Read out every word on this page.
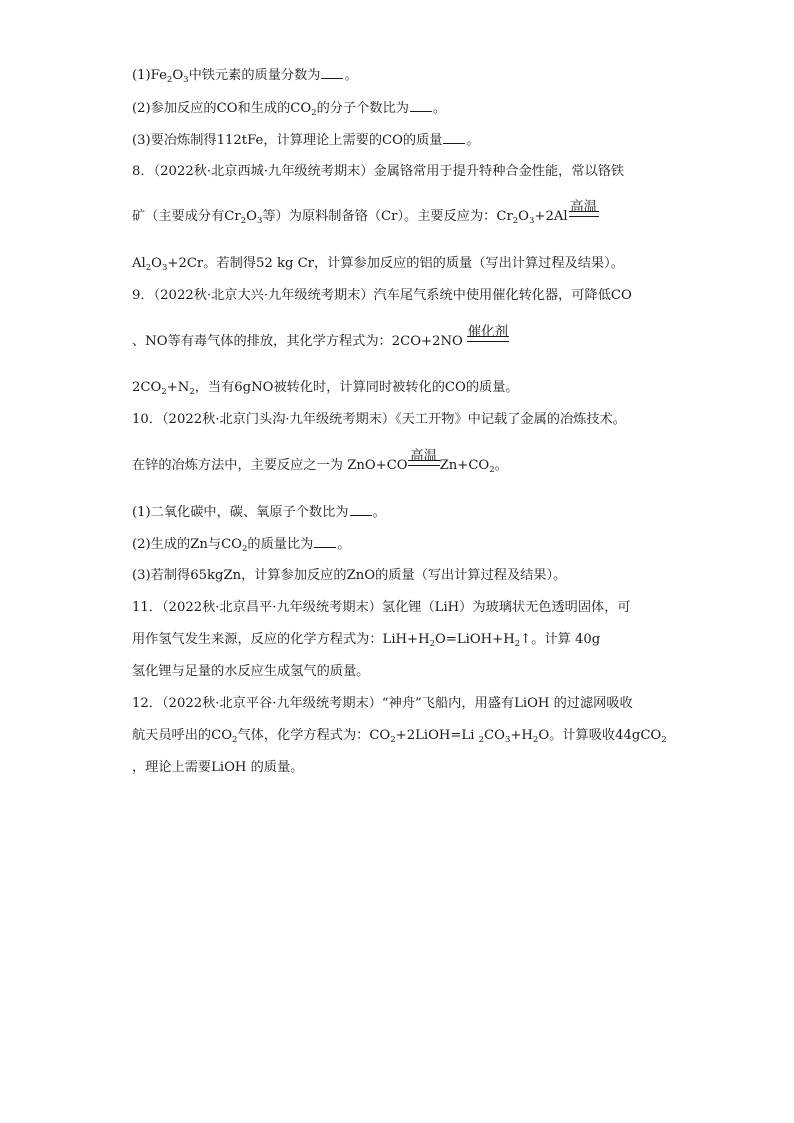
$(1)Fe_2O_3$中铁元素的质量分数为 。
(2)参加反应的CO和生成的$CO_2$的分子个数比为 。
(3)要冶炼制得112tFe，计算理论上需要的CO的质量 。
8．（2022秋·北京西城·九年级统考期末）金属铬常用于提升特种合金性能，常以铬铁
矿（主要成分有$Cr_2O_3$等）为原料制备铬（Cr）。主要反应为：$Cr_2O_3+2Al$
高温
$Al_2O_3+2Cr$。若制得52 kg Cr，计算参加反应的铝的质量（写出计算过程及结果）。
9．（2022秋·北京大兴·九年级统考期末）汽车尾气系统中使用催化转化器，可降低CO
、NO等有毒气体的排放，其化学方程式为：2CO+2NO
催化剂
$2CO_2+N_2$，当有6gNO被转化时，计算同时被转化的CO的质量。
10．（2022秋·北京门头沟·九年级统考期末）《天工开物》中记载了金属的冶炼技术。
在锌的冶炼方法中，主要反应之一为 ZnO+CO
高温
$Zn+CO_2$。
(1)二氧化碳中，碳、氧原子个数比为 。
(2)生成的Zn与$CO_2$的质量比为 。
(3)若制得65kgZn，计算参加反应的ZnO的质量（写出计算过程及结果）。
11．（2022秋·北京昌平·九年级统考期末）氢化锂（LiH）为玻璃状无色透明固体，可
用作氢气发生来源，反应的化学方程式为：$LiH+H_2O=LiOH+H_2↑$。计算 40g
氢化锂与足量的水反应生成氢气的质量。
12．（2022秋·北京平谷·九年级统考期末）“神舟”飞船内，用盛有LiOH 的过滤网吸收
航天员呼出的$CO_2$气体，化学方程式为：$CO_2+2LiOH=Li$ $_2CO_3+H_2O$。计算吸收44gCO$_2$
，理论上需要LiOH 的质量。
